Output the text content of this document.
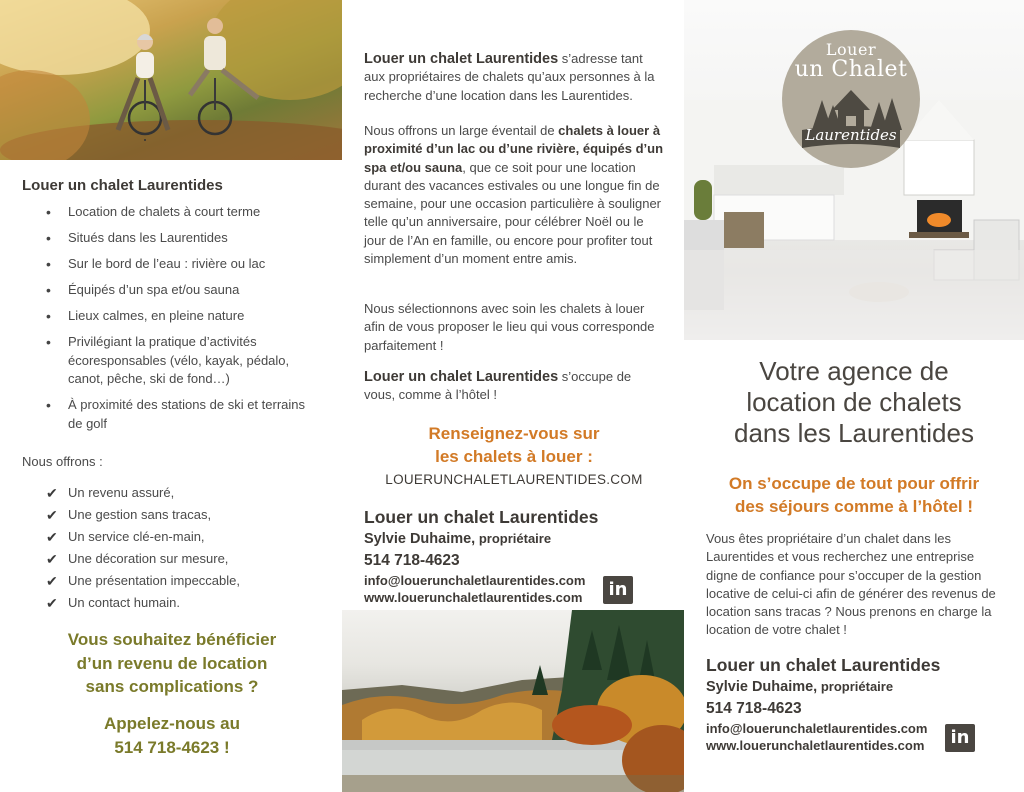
Louer un chalet Laurentides
• Location de chalets à court terme
• Situés dans les Laurentides
• Sur le bord de l’eau : rivière ou lac
• Équipés d’un spa et/ou sauna
• Lieux calmes, en pleine nature
• Privilégiant la pratique d’activités écoresponsables (vélo, kayak, pédalo, canot, pêche, ski de fond…)
• À proximité des stations de ski et terrains de golf
Nous offrons :
✔ Un revenu assuré,
✔ Une gestion sans tracas,
✔ Un service clé-en-main,
✔ Une décoration sur mesure,
✔ Une présentation impeccable,
✔ Un contact humain.
Vous souhaitez bénéficier
d’un revenu de location
sans complications ?
Appelez-nous au
514 718-4623 !

Louer un chalet Laurentides s’adresse tant aux propriétaires de chalets qu’aux personnes à la recherche d’une location dans les Laurentides.

Nous offrons un large éventail de chalets à louer à proximité d’un lac ou d’une rivière, équipés d’un spa et/ou sauna, que ce soit pour une location durant des vacances estivales ou une longue fin de semaine, pour une occasion particulière à souligner telle qu’un anniversaire, pour célébrer Noël ou le jour de l’An en famille, ou encore pour profiter tout simplement d’un moment entre amis.

Nous sélectionnons avec soin les chalets à louer afin de vous proposer le lieu qui vous corresponde parfaitement !

Louer un chalet Laurentides s’occupe de vous, comme à l’hôtel !

Renseignez-vous sur
les chalets à louer :
LOUERUNCHALETLAURENTIDES.COM
Louer un chalet Laurentides
Sylvie Duhaime, propriétaire
514 718-4623
info@louerunchaletlaurentides.com
www.louerunchaletlaurentides.com	in
Louer
un Chalet
Laurentides
Votre agence de
location de chalets
dans les Laurentides
On s’occupe de tout pour offrir
des séjours comme à l’hôtel !

Vous êtes propriétaire d’un chalet dans les Laurentides et vous recherchez une entreprise digne de confiance pour s’occuper de la gestion locative de celui-ci afin de générer des revenus de location sans tracas ? Nous prenons en charge la location de votre chalet !

Louer un chalet Laurentides
Sylvie Duhaime, propriétaire
514 718-4623
info@louerunchaletlaurentides.com
www.louerunchaletlaurentides.com	in
